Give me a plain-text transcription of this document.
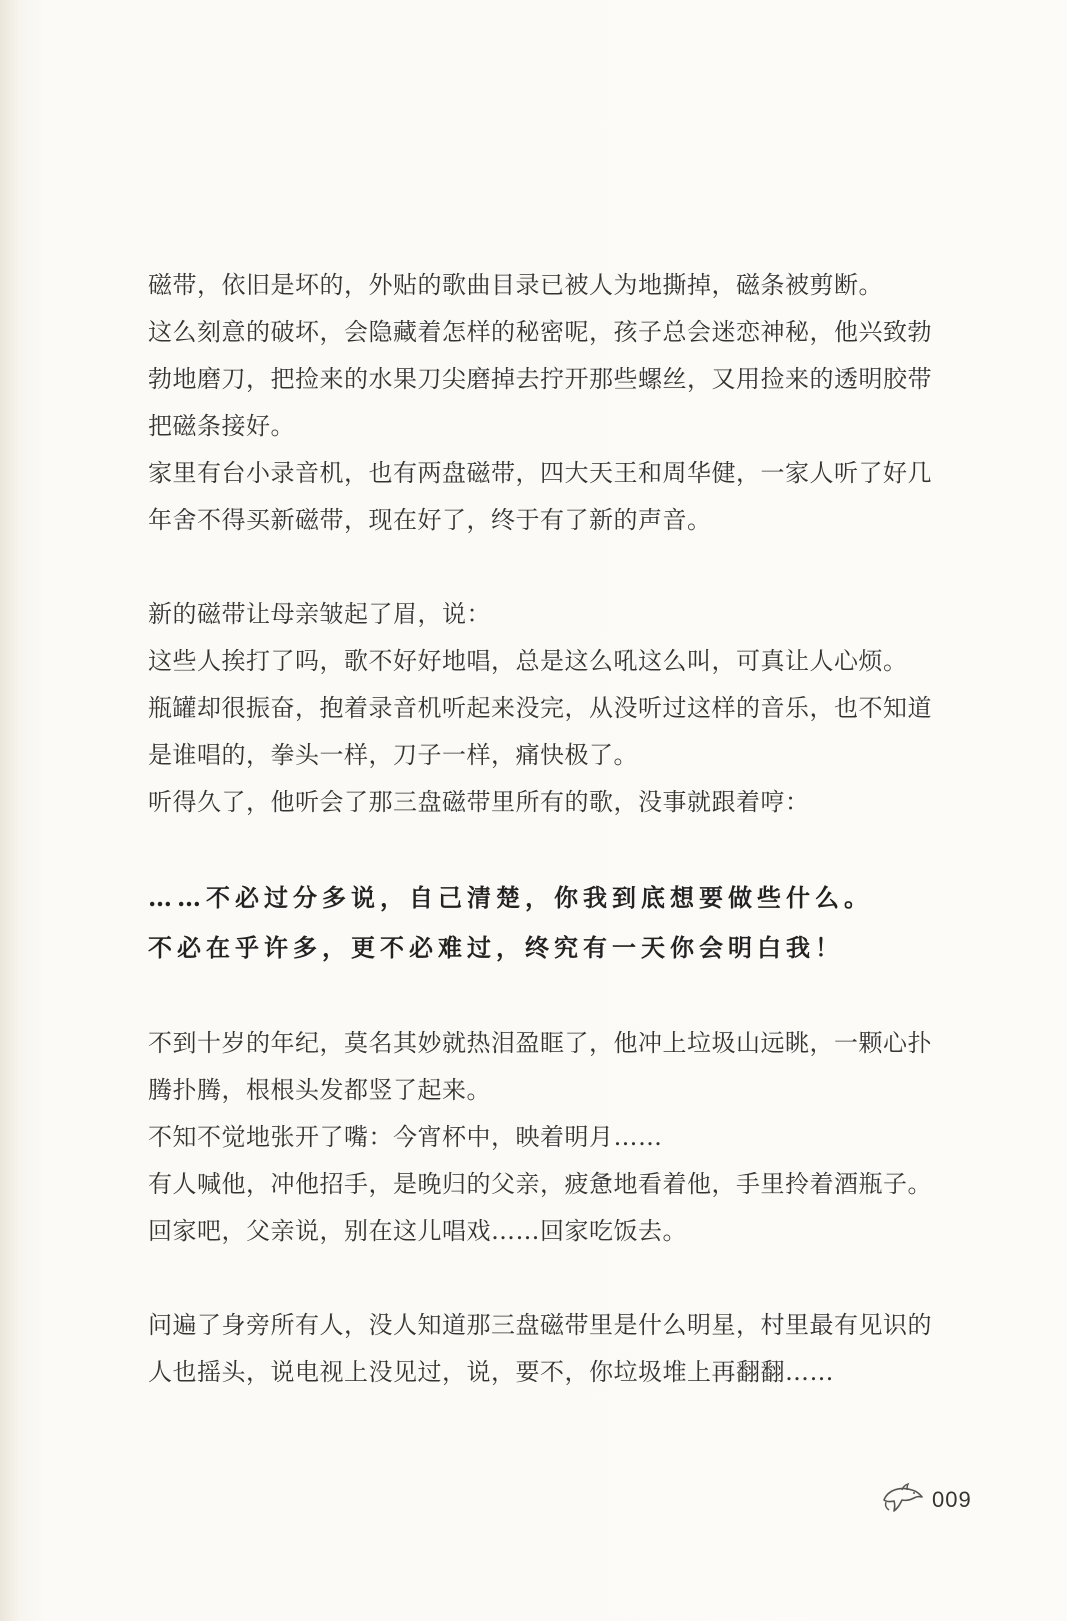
磁带，依旧是坏的，外贴的歌曲目录已被人为地撕掉，磁条被剪断。
这么刻意的破坏，会隐藏着怎样的秘密呢，孩子总会迷恋神秘，他兴致勃
勃地磨刀，把捡来的水果刀尖磨掉去拧开那些螺丝，又用捡来的透明胶带
把磁条接好。
家里有台小录音机，也有两盘磁带，四大天王和周华健，一家人听了好几
年舍不得买新磁带，现在好了，终于有了新的声音。
新的磁带让母亲皱起了眉，说：
这些人挨打了吗，歌不好好地唱，总是这么吼这么叫，可真让人心烦。
瓶罐却很振奋，抱着录音机听起来没完，从没听过这样的音乐，也不知道
是谁唱的，拳头一样，刀子一样，痛快极了。
听得久了，他听会了那三盘磁带里所有的歌，没事就跟着哼：
……不必过分多说，自己清楚，你我到底想要做些什么。
不必在乎许多，更不必难过，终究有一天你会明白我！
不到十岁的年纪，莫名其妙就热泪盈眶了，他冲上垃圾山远眺，一颗心扑
腾扑腾，根根头发都竖了起来。
不知不觉地张开了嘴：今宵杯中，映着明月……
有人喊他，冲他招手，是晚归的父亲，疲惫地看着他，手里拎着酒瓶子。
回家吧，父亲说，别在这儿唱戏……回家吃饭去。
问遍了身旁所有人，没人知道那三盘磁带里是什么明星，村里最有见识的
人也摇头，说电视上没见过，说，要不，你垃圾堆上再翻翻……
009
